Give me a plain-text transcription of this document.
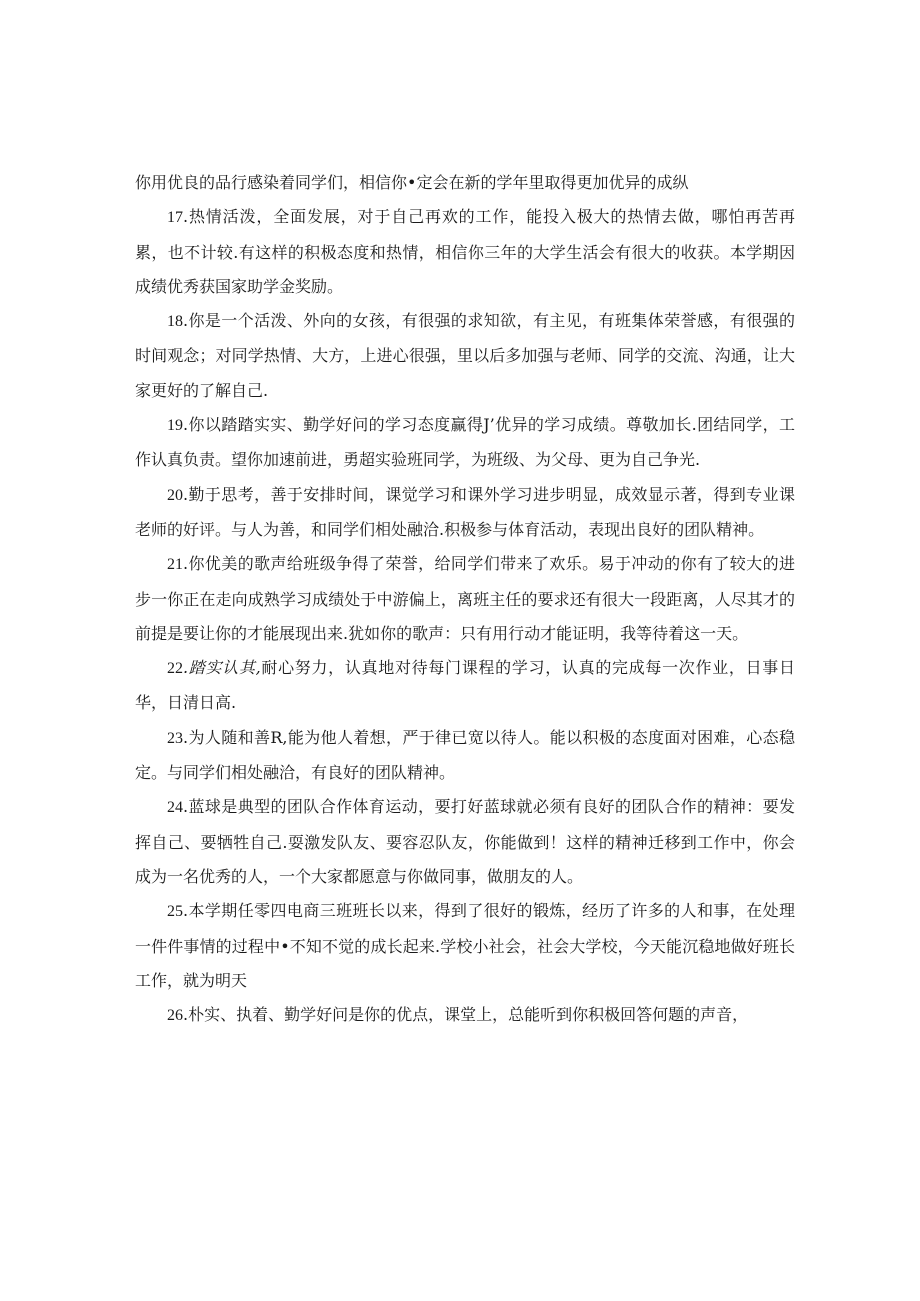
你用优良的品行感染着同学们，相信你•定会在新的学年里取得更加优异的成纵

17.热情活泼，全面发展，对于自己再欢的工作，能投入极大的热情去做，哪怕再苦再累，也不计较.有这样的积极态度和热情，相信你三年的大学生活会有很大的收获。本学期因成绩优秀获国家助学金奖励。

18.你是一个活泼、外向的女孩，有很强的求知欲，有主见，有班集体荣誉感，有很强的时间观念；对同学热情、大方，上进心很强，里以后多加强与老师、同学的交流、沟通，让大家更好的了解自己.

19.你以踏踏实实、勤学好问的学习态度赢得J’优异的学习成绩。尊敬加长.团结同学，工作认真负责。望你加速前进，勇超实验班同学，为班级、为父母、更为自己争光.

20.勤于思考，善于安排时间，课觉学习和课外学习进步明显，成效显示著，得到专业课老师的好评。与人为善，和同学们相处融洽.积极参与体育活动，表现出良好的团队精神。

21.你优美的歌声给班级争得了荣誉，给同学们带来了欢乐。易于冲动的你有了较大的进步一你正在走向成熟学习成绩处于中游偏上，离班主任的要求还有很大一段距离，人尽其才的前提是要让你的才能展现出来.犹如你的歌声：只有用行动才能证明，我等待着这一天。

22.踏实认其,耐心努力，认真地对待每门课程的学习，认真的完成每一次作业，日事日华，日清日高.

23.为人随和善R,能为他人着想，严于律已宽以待人。能以积极的态度面对困难，心态稳定。与同学们相处融洽，有良好的团队精神。

24.蓝球是典型的团队合作体育运动，要打好蓝球就必须有良好的团队合作的精神：要发挥自己、要牺牲自己.耍激发队友、要容忍队友，你能做到！这样的精神迁移到工作中，你会成为一名优秀的人，一个大家都愿意与你做同事，做朋友的人。

25.本学期任零四电商三班班长以来，得到了很好的锻炼，经历了许多的人和事，在处理一件件事情的过程中•不知不觉的成长起来.学校小社会，社会大学校，今天能沉稳地做好班长工作，就为明天

26.朴实、执着、勤学好问是你的优点，课堂上，总能听到你积极回答何题的声音，
